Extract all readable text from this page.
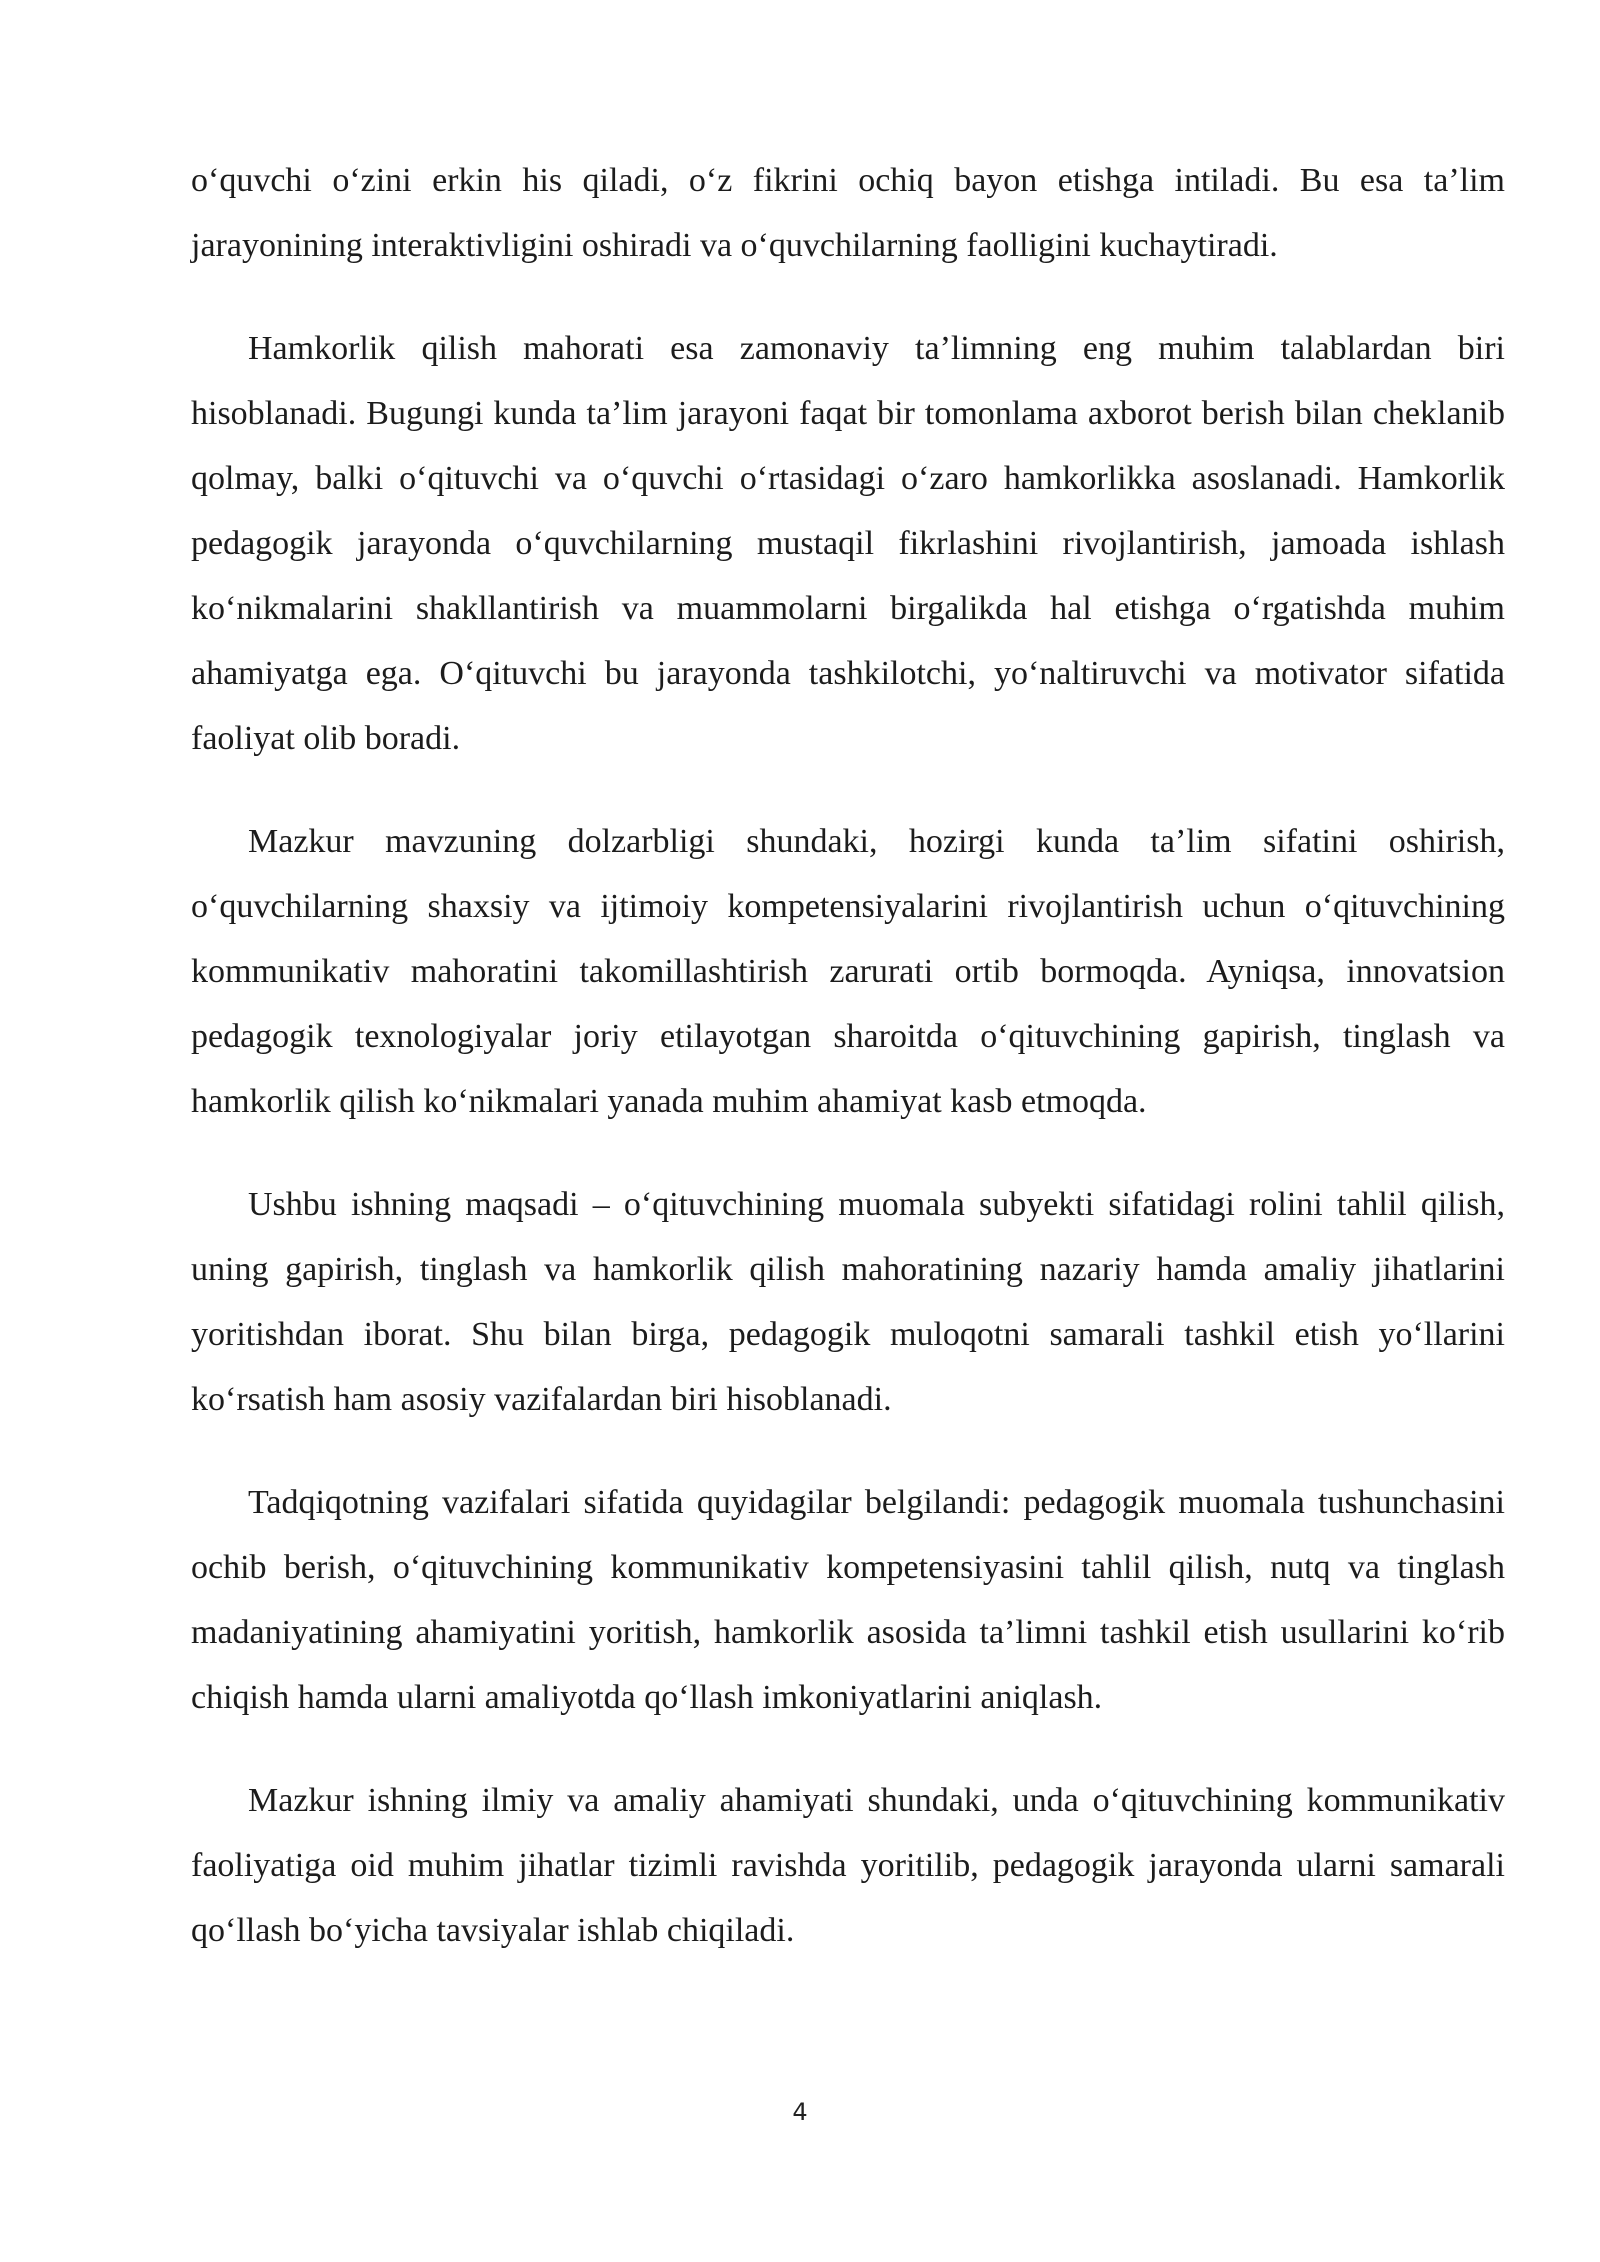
o‘quvchi o‘zini erkin his qiladi, o‘z fikrini ochiq bayon etishga intiladi. Bu esa ta’lim jarayonining interaktivligini oshiradi va o‘quvchilarning faolligini kuchaytiradi.

Hamkorlik qilish mahorati esa zamonaviy ta’limning eng muhim talablardan biri hisoblanadi. Bugungi kunda ta’lim jarayoni faqat bir tomonlama axborot berish bilan cheklanib qolmay, balki o‘qituvchi va o‘quvchi o‘rtasidagi o‘zaro hamkorlikka asoslanadi. Hamkorlik pedagogik jarayonda o‘quvchilarning mustaqil fikrlashini rivojlantirish, jamoada ishlash ko‘nikmalarini shakllantirish va muammolarni birgalikda hal etishga o‘rgatishda muhim ahamiyatga ega. O‘qituvchi bu jarayonda tashkilotchi, yo‘naltiruvchi va motivator sifatida faoliyat olib boradi.

Mazkur mavzuning dolzarbligi shundaki, hozirgi kunda ta’lim sifatini oshirish, o‘quvchilarning shaxsiy va ijtimoiy kompetensiyalarini rivojlantirish uchun o‘qituvchining kommunikativ mahoratini takomillashtirish zarurati ortib bormoqda. Ayniqsa, innovatsion pedagogik texnologiyalar joriy etilayotgan sharoitda o‘qituvchining gapirish, tinglash va hamkorlik qilish ko‘nikmalari yanada muhim ahamiyat kasb etmoqda.

Ushbu ishning maqsadi – o‘qituvchining muomala subyekti sifatidagi rolini tahlil qilish, uning gapirish, tinglash va hamkorlik qilish mahoratining nazariy hamda amaliy jihatlarini yoritishdan iborat. Shu bilan birga, pedagogik muloqotni samarali tashkil etish yo‘llarini ko‘rsatish ham asosiy vazifalardan biri hisoblanadi.

Tadqiqotning vazifalari sifatida quyidagilar belgilandi: pedagogik muomala tushunchasini ochib berish, o‘qituvchining kommunikativ kompetensiyasini tahlil qilish, nutq va tinglash madaniyatining ahamiyatini yoritish, hamkorlik asosida ta’limni tashkil etish usullarini ko‘rib chiqish hamda ularni amaliyotda qo‘llash imkoniyatlarini aniqlash.

Mazkur ishning ilmiy va amaliy ahamiyati shundaki, unda o‘qituvchining kommunikativ faoliyatiga oid muhim jihatlar tizimli ravishda yoritilib, pedagogik jarayonda ularni samarali qo‘llash bo‘yicha tavsiyalar ishlab chiqiladi.

4
